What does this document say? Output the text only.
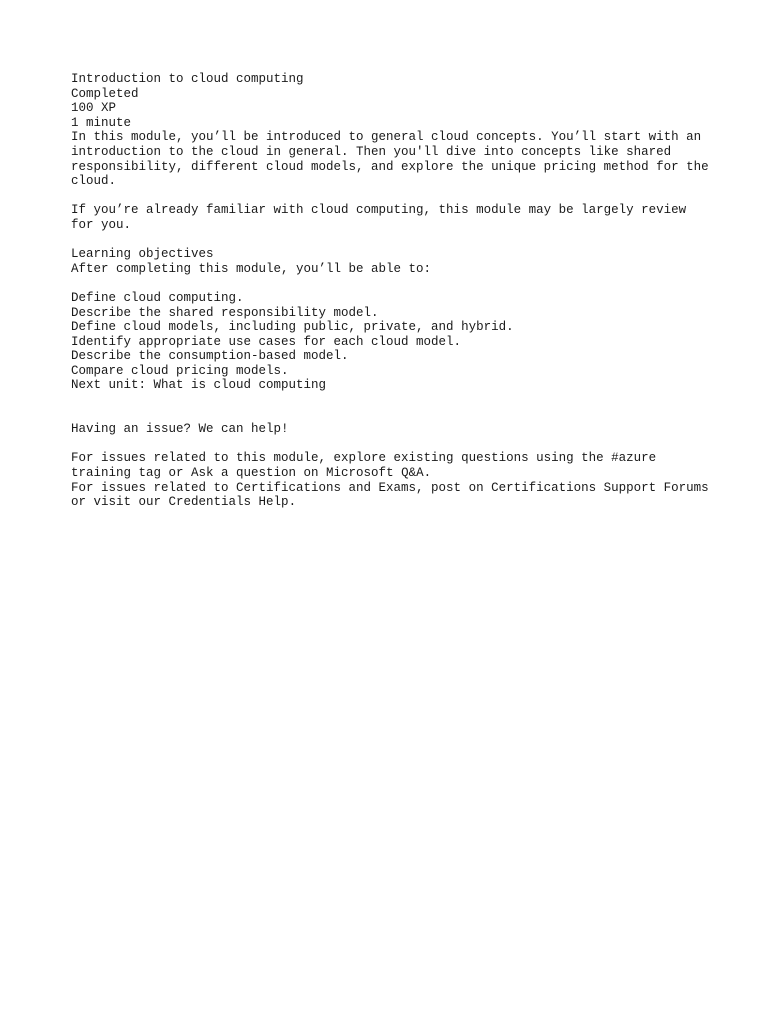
Introduction to cloud computing

Completed

100 XP

1 minute

In this module, you’ll be introduced to general cloud concepts. You’ll start with an introduction to the cloud in general. Then you'll dive into concepts like shared responsibility, different cloud models, and explore the unique pricing method for the cloud.

If you’re already familiar with cloud computing, this module may be largely review for you.

Learning objectives

After completing this module, you’ll be able to:

Define cloud computing.

Describe the shared responsibility model.

Define cloud models, including public, private, and hybrid.

Identify appropriate use cases for each cloud model.

Describe the consumption-based model.

Compare cloud pricing models.

Next unit: What is cloud computing

Having an issue? We can help!

For issues related to this module, explore existing questions using the #azure training tag or Ask a question on Microsoft Q&A.

For issues related to Certifications and Exams, post on Certifications Support Forums or visit our Credentials Help.
